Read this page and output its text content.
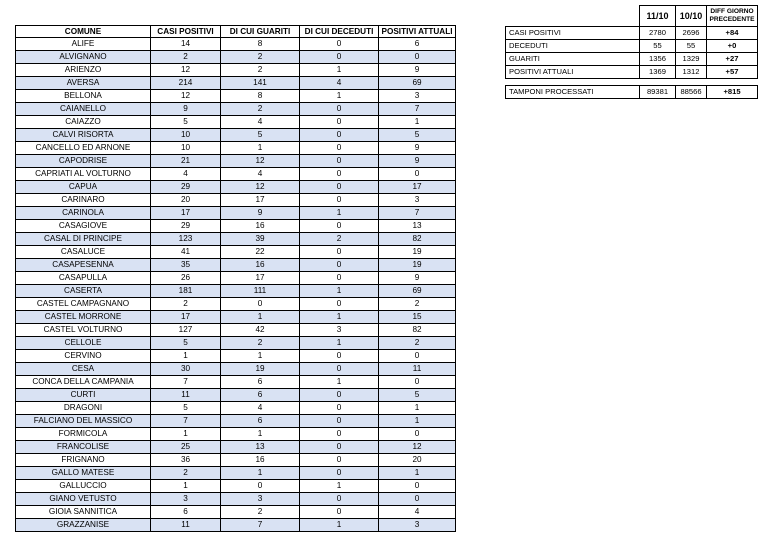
COMUNE	CASI POSITIVI	DI CUI GUARITI	DI CUI DECEDUTI	POSITIVI ATTUALI
ALIFE	14	8	0	6
ALVIGNANO	2	2	0	0
ARIENZO	12	2	1	9
AVERSA	214	141	4	69
BELLONA	12	8	1	3
CAIANELLO	9	2	0	7
CAIAZZO	5	4	0	1
CALVI RISORTA	10	5	0	5
CANCELLO ED ARNONE	10	1	0	9
CAPODRISE	21	12	0	9
CAPRIATI AL VOLTURNO	4	4	0	0
CAPUA	29	12	0	17
CARINARO	20	17	0	3
CARINOLA	17	9	1	7
CASAGIOVE	29	16	0	13
CASAL DI PRINCIPE	123	39	2	82
CASALUCE	41	22	0	19
CASAPESENNA	35	16	0	19
CASAPULLA	26	17	0	9
CASERTA	181	111	1	69
CASTEL CAMPAGNANO	2	0	0	2
CASTEL MORRONE	17	1	1	15
CASTEL VOLTURNO	127	42	3	82
CELLOLE	5	2	1	2
CERVINO	1	1	0	0
CESA	30	19	0	11
CONCA DELLA CAMPANIA	7	6	1	0
CURTI	11	6	0	5
DRAGONI	5	4	0	1
FALCIANO DEL MASSICO	7	6	0	1
FORMICOLA	1	1	0	0
FRANCOLISE	25	13	0	12
FRIGNANO	36	16	0	20
GALLO MATESE	2	1	0	1
GALLUCCIO	1	0	1	0
GIANO VETUSTO	3	3	0	0
GIOIA SANNITICA	6	2	0	4
GRAZZANISE	11	7	1	3
	11/10	10/10	DIFF GIORNO PRECEDENTE
CASI POSITIVI	2780	2696	+84
DECEDUTI	55	55	+0
GUARITI	1356	1329	+27
POSITIVI ATTUALI	1369	1312	+57

TAMPONI PROCESSATI	89381	88566	+815
